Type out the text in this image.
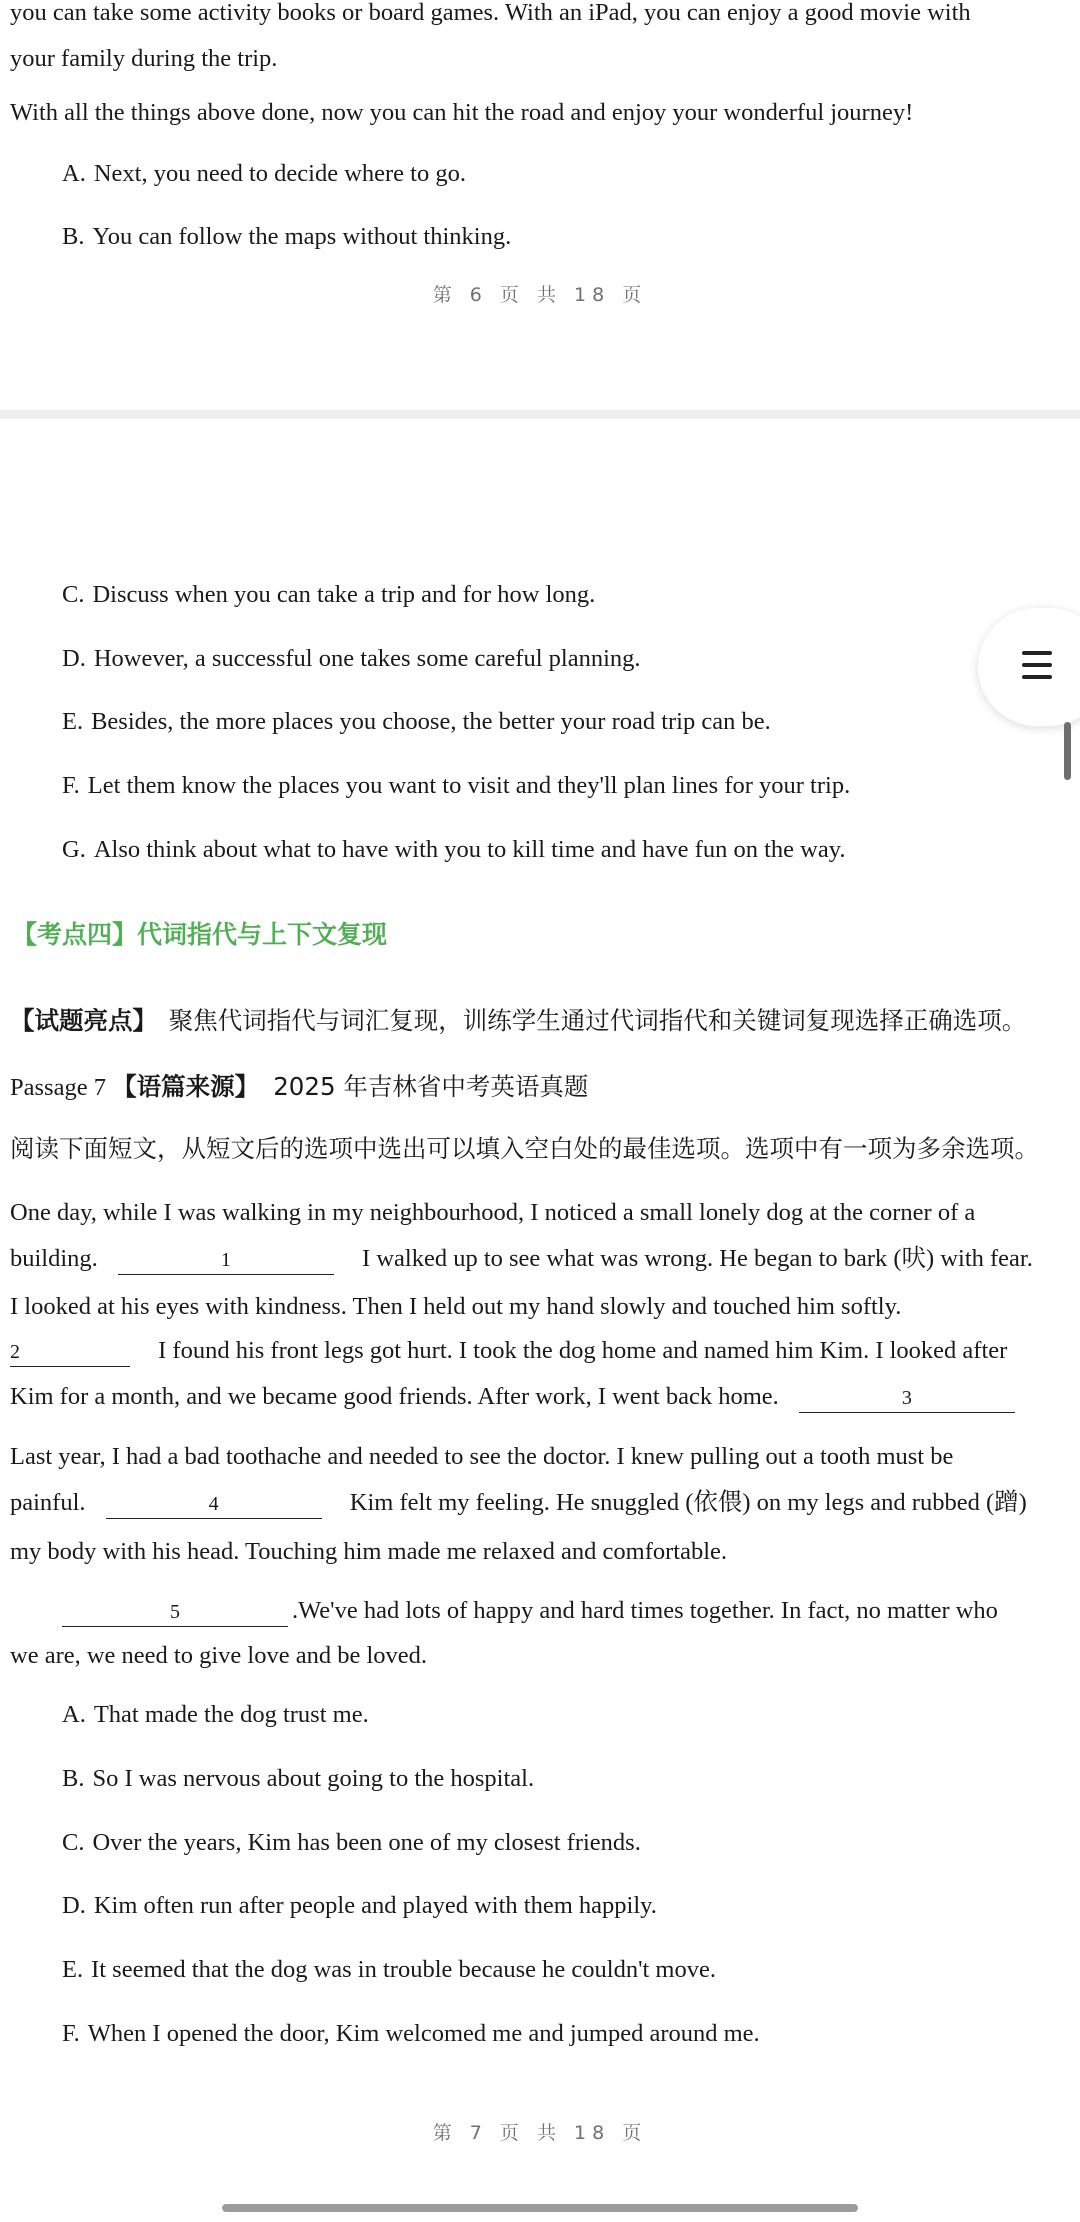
you can take some activity books or board games. With an iPad, you can enjoy a good movie with
your family during the trip.
With all the things above done, now you can hit the road and enjoy your wonderful journey!
A. Next, you need to decide where to go.
B. You can follow the maps without thinking.
第 6 页 共 18 页
C. Discuss when you can take a trip and for how long.
D. However, a successful one takes some careful planning.
E. Besides, the more places you choose, the better your road trip can be.
F. Let them know the places you want to visit and they'll plan lines for your trip.
G. Also think about what to have with you to kill time and have fun on the way.
【考点四】代词指代与上下文复现
【试题亮点】 聚焦代词指代与词汇复现，训练学生通过代词指代和关键词复现选择正确选项。
Passage 7 【语篇来源】 2025 年吉林省中考英语真题
阅读下面短文，从短文后的选项中选出可以填入空白处的最佳选项。选项中有一项为多余选项。
One day, while I was walking in my neighbourhood, I noticed a small lonely dog at the corner of a
building.	1	I walked up to see what was wrong. He began to bark (吠) with fear.
I looked at his eyes with kindness. Then I held out my hand slowly and touched him softly.
2	I found his front legs got hurt. I took the dog home and named him Kim. I looked after
Kim for a month, and we became good friends. After work, I went back home.	3
Last year, I had a bad toothache and needed to see the doctor. I knew pulling out a tooth must be
painful.	4	Kim felt my feeling. He snuggled (依偎) on my legs and rubbed (蹭)
my body with his head. Touching him made me relaxed and comfortable.
5	.We've had lots of happy and hard times together. In fact, no matter who
we are, we need to give love and be loved.
A. That made the dog trust me.
B. So I was nervous about going to the hospital.
C. Over the years, Kim has been one of my closest friends.
D. Kim often run after people and played with them happily.
E. It seemed that the dog was in trouble because he couldn't move.
F. When I opened the door, Kim welcomed me and jumped around me.
第 7 页 共 18 页
